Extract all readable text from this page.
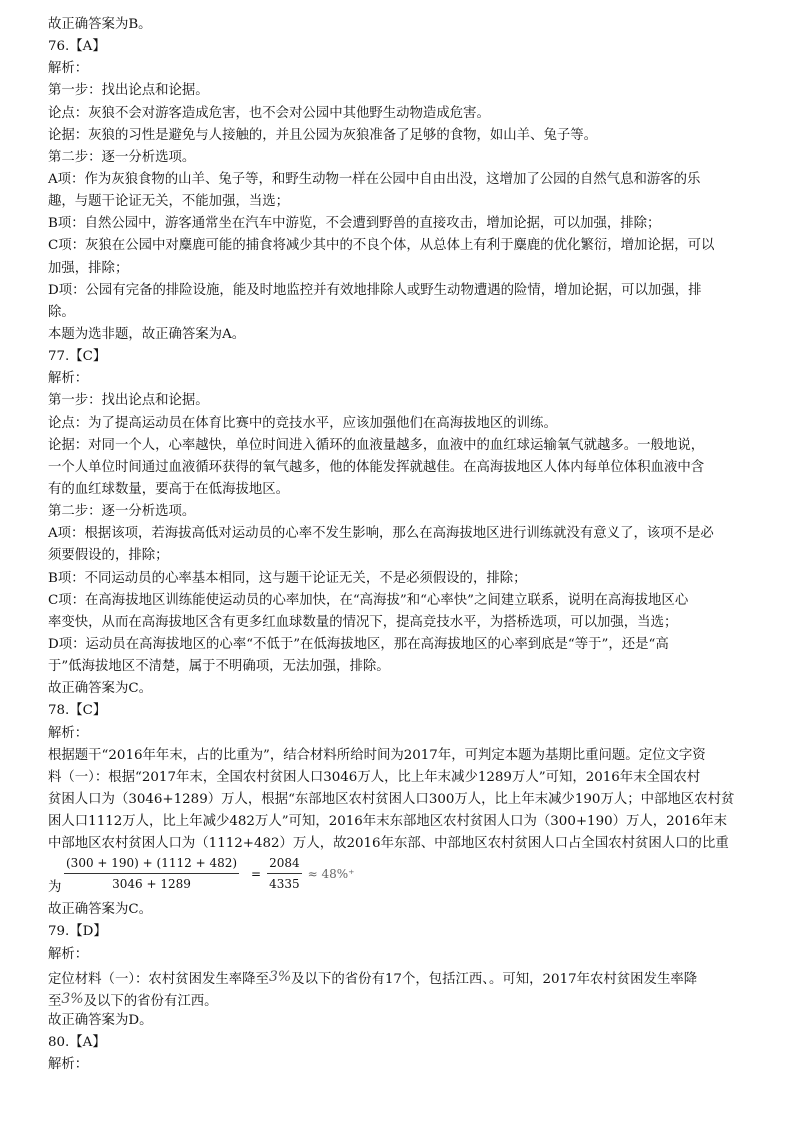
故正确答案为B。
76.【A】
解析：
第一步：找出论点和论据。
论点：灰狼不会对游客造成危害，也不会对公园中其他野生动物造成危害。
论据：灰狼的习性是避免与人接触的，并且公园为灰狼准备了足够的食物，如山羊、兔子等。
第二步：逐一分析选项。
A项：作为灰狼食物的山羊、兔子等，和野生动物一样在公园中自由出没，这增加了公园的自然气息和游客的乐
趣，与题干论证无关，不能加强，当选；
B项：自然公园中，游客通常坐在汽车中游览，不会遭到野兽的直接攻击，增加论据，可以加强，排除；
C项：灰狼在公园中对麋鹿可能的捕食将减少其中的不良个体，从总体上有利于麋鹿的优化繁衍，增加论据，可以
加强，排除；
D项：公园有完备的排险设施，能及时地监控并有效地排除人或野生动物遭遇的险情，增加论据，可以加强，排
除。
本题为选非题，故正确答案为A。
77.【C】
解析：
第一步：找出论点和论据。
论点：为了提高运动员在体育比赛中的竞技水平，应该加强他们在高海拔地区的训练。
论据：对同一个人，心率越快，单位时间进入循环的血液量越多，血液中的血红球运输氧气就越多。一般地说，
一个人单位时间通过血液循环获得的氧气越多，他的体能发挥就越佳。在高海拔地区人体内每单位体积血液中含
有的血红球数量，要高于在低海拔地区。
第二步：逐一分析选项。
A项：根据该项，若海拔高低对运动员的心率不发生影响，那么在高海拔地区进行训练就没有意义了，该项不是必
须要假设的，排除；
B项：不同运动员的心率基本相同，这与题干论证无关，不是必须假设的，排除；
C项：在高海拔地区训练能使运动员的心率加快，在“高海拔”和“心率快”之间建立联系，说明在高海拔地区心
率变快，从而在高海拔地区含有更多红血球数量的情况下，提高竞技水平，为搭桥选项，可以加强，当选；
D项：运动员在高海拔地区的心率“不低于”在低海拔地区，那在高海拔地区的心率到底是“等于”，还是“高
于”低海拔地区不清楚，属于不明确项，无法加强，排除。
故正确答案为C。
78.【C】
解析：
根据题干“2016年年末，占的比重为”，结合材料所给时间为2017年，可判定本题为基期比重问题。定位文字资
料（一）：根据“2017年末，全国农村贫困人口3046万人，比上年末减少1289万人”可知，2016年末全国农村
贫困人口为（3046+1289）万人，根据“东部地区农村贫困人口300万人，比上年末减少190万人；中部地区农村贫
困人口1112万人，比上年减少482万人”可知，2016年末东部地区农村贫困人口为（300+190）万人，2016年末
中部地区农村贫困人口为（1112+482）万人，故2016年东部、中部地区农村贫困人口占全国农村贫困人口的比重
为 $\frac{(300 + 190) + (1112 + 482)}{3046 + 1289} = \frac{2084}{4335} \approx 48\%^+$
故正确答案为C。
79.【D】
解析：
定位材料（一）：农村贫困发生率降至3%及以下的省份有17个，包括江西、。可知，2017年农村贫困发生率降
至3%及以下的省份有江西。
故正确答案为D。
80.【A】
解析：
